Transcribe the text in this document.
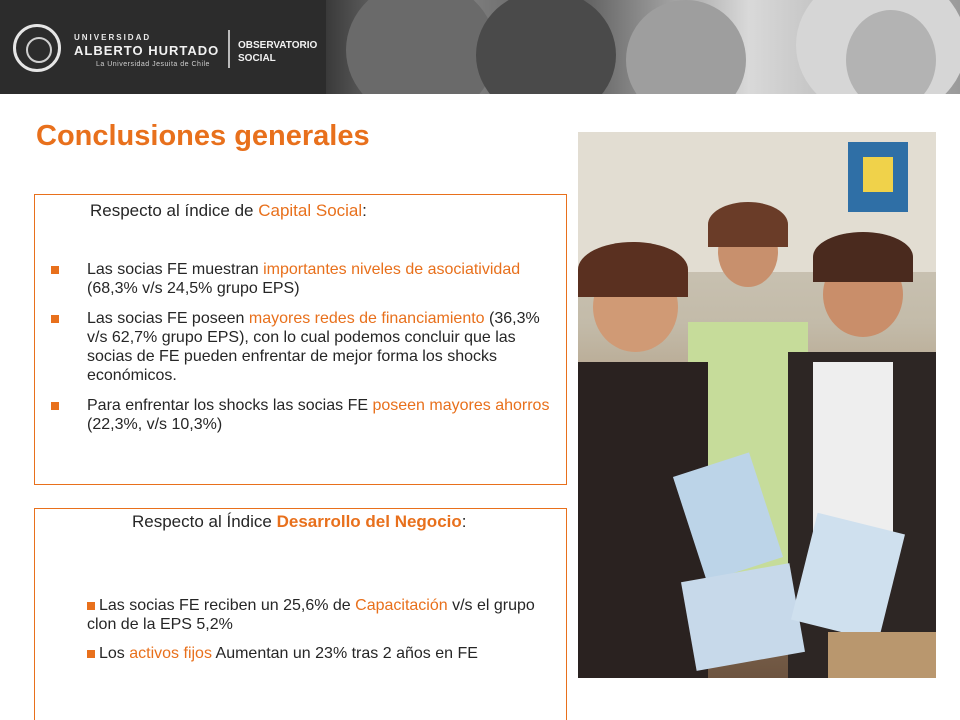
UNIVERSIDAD
ALBERTO HURTADO
La Universidad Jesuita de Chile
OBSERVATORIO
SOCIAL
Conclusiones generales
Respecto al índice de Capital Social:
Las socias FE muestran importantes niveles de asociatividad (68,3% v/s 24,5% grupo EPS)
Las socias FE poseen mayores redes de financiamiento (36,3% v/s 62,7% grupo EPS), con lo cual podemos concluir que las socias de FE pueden enfrentar de mejor forma los shocks económicos.
Para enfrentar los shocks las socias FE poseen mayores ahorros (22,3%, v/s 10,3%)
Respecto al Índice Desarrollo del Negocio:
Las socias FE reciben un 25,6% de Capacitación v/s el grupo clon de la EPS 5,2%
Los activos fijos Aumentan un 23% tras 2 años en FE
